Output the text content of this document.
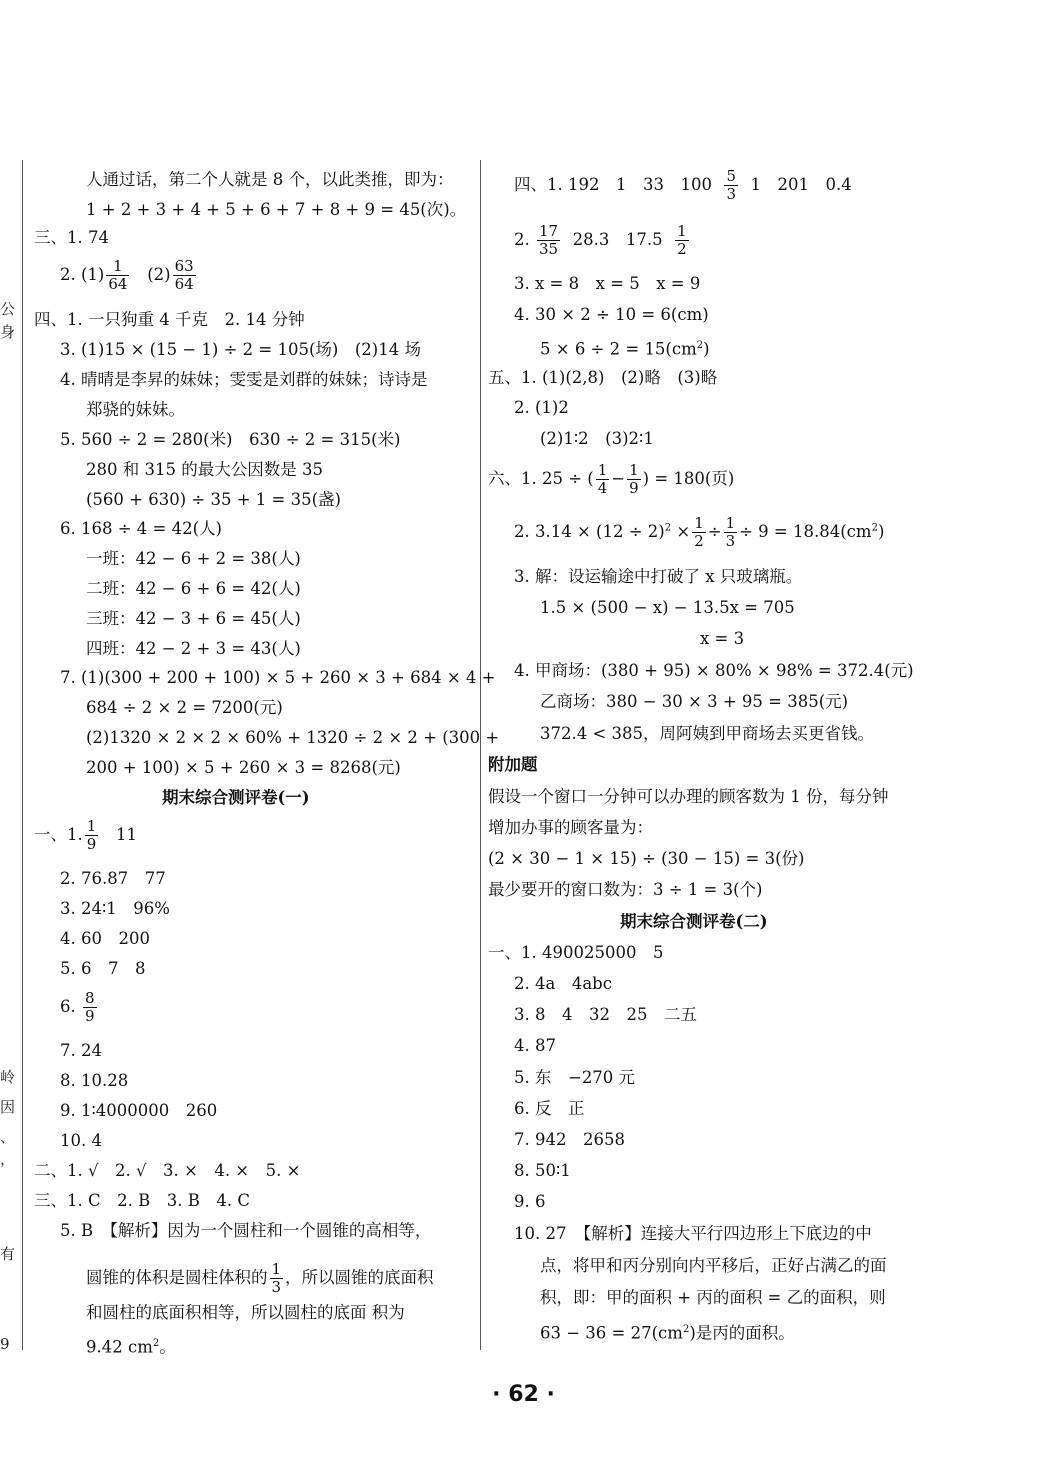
公
身
岭
因
、
，
有
9
人通过话，第二个人就是 8 个，以此类推，即为：
1 + 2 + 3 + 4 + 5 + 6 + 7 + 8 + 9 = 45(次)。
三、1. 74
2. $(1) \frac{1}{64} (2) \frac{63}{64}$
四、1. 一只狗重 4 千克　2. 14 分钟
3. (1)15 × (15 − 1) ÷ 2 = 105(场)　(2)14 场
4. 晴晴是李昇的妹妹；雯雯是刘群的妹妹；诗诗是
郑骁的妹妹。
5. 560 ÷ 2 = 280(米)　630 ÷ 2 = 315(米)
280 和 315 的最大公因数是 35
(560 + 630) ÷ 35 + 1 = 35(盏)
6. 168 ÷ 4 = 42(人)
一班：42 − 6 + 2 = 38(人)
二班：42 − 6 + 6 = 42(人)
三班：42 − 3 + 6 = 45(人)
四班：42 − 2 + 3 = 43(人)
7. (1)(300 + 200 + 100) × 5 + 260 × 3 + 684 × 4 +
684 ÷ 2 × 2 = 7200(元)
(2)1320 × 2 × 2 × 60% + 1320 ÷ 2 × 2 + (300 +
200 + 100) × 5 + 260 × 3 = 8268(元)
期末综合测评卷(一)
一、1. $\frac{1}{9} 11$
2. 76.87　77
3. 24∶1　96%
4. 60　200
5. 6　7　8
6. $\frac{8}{9}$
7. 24
8. 10.28
9. 1∶4000000　260
10. 4
二、1. √　2. √　3. ×　4. ×　5. ×
三、1. C　2. B　3. B　4. C
5. B　【解析】因为一个圆柱和一个圆锥的高相等，
圆锥的体积是圆柱体积的 $\frac{1}{3}$ ，所以圆锥的底面积
和圆柱的底面积相等，所以圆柱的底面 积为
9.42 $cm^2$。
四、1. 192　1　33　$100 \frac{5}{3} 1$　201　0.4
2. $\frac{17}{35} 28.3$　$17.5 \frac{1}{2}$
3. x = 8　x = 5　x = 9
4. 30 × 2 ÷ 10 = 6(cm)
$5 \times 6 \div 2 = 15(cm^2)$
五、1. (1)(2,8)　(2)略　(3)略
2. (1)2
(2)1∶2　(3)2∶1
六、1. 25 ÷ ( $\frac{1}{4} - \frac{1}{9}$ ) = 180(页)
2. $3.14 \times (12 \div 2)^2 \times \frac{1}{2} \div \frac{1}{3} \div 9 = 18.84(cm^2)$
3. 解：设运输途中打破了 x 只玻璃瓶。
1.5 × (500 − x) − 13.5x = 705
x = 3
4. 甲商场：(380 + 95) × 80% × 98% = 372.4(元)
乙商场：380 − 30 × 3 + 95 = 385(元)
372.4 < 385，周阿姨到甲商场去买更省钱。
附加题
假设一个窗口一分钟可以办理的顾客数为 1 份，每分钟
增加办事的顾客量为：
(2 × 30 − 1 × 15) ÷ (30 − 15) = 3(份)
最少要开的窗口数为：3 ÷ 1 = 3(个)
期末综合测评卷(二)
一、1. 490025000　5
2. 4a　4abc
3. 8　4　32　25　二五
4. 87
5. 东　−270 元
6. 反　正
7. 942　2658
8. 50∶1
9. 6
10. 27　【解析】连接大平行四边形上下底边的中
点，将甲和丙分别向内平移后，正好占满乙的面
积，即：甲的面积 + 丙的面积 = 乙的面积，则
$63 - 36 = 27(cm^2)$是丙的面积。
· 62 ·
